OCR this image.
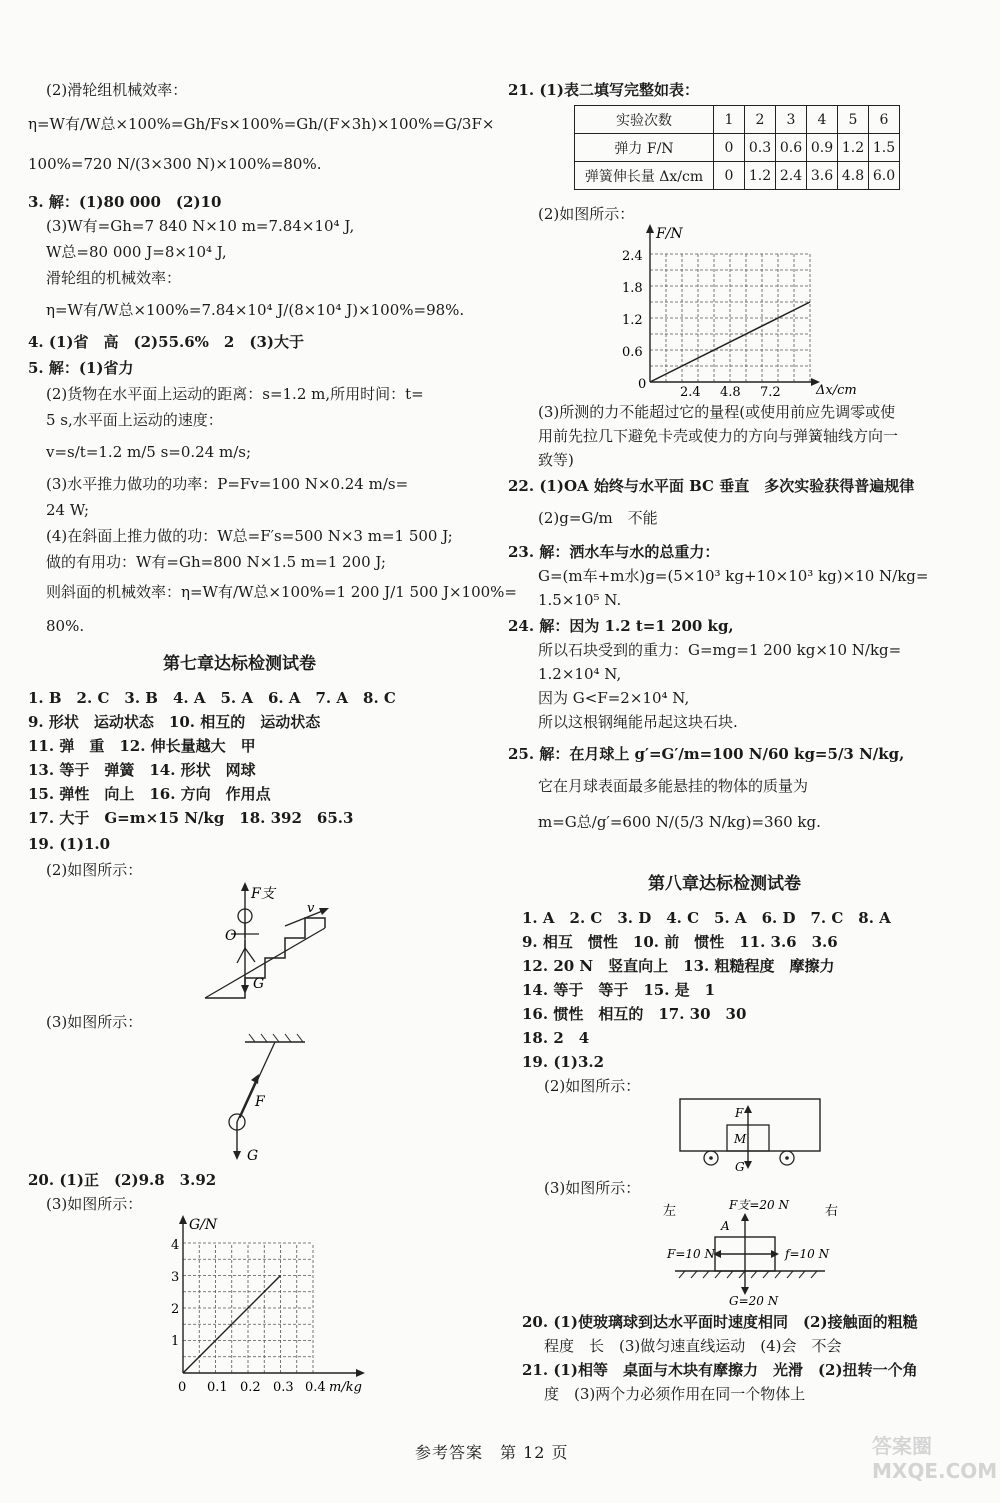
(2)滑轮组机械效率：
η=W有/W总×100%=Gh/Fs×100%=Gh/(F×3h)×100%=G/3F×
100%=720 N/(3×300 N)×100%=80%.
3. 解：(1)80 000　(2)10
(3)W有=Gh=7 840 N×10 m=7.84×10⁴ J,
W总=80 000 J=8×10⁴ J,
滑轮组的机械效率：
η=W有/W总×100%=7.84×10⁴ J/(8×10⁴ J)×100%=98%.
4. (1)省　高　(2)55.6%　2　(3)大于
5. 解：(1)省力
(2)货物在水平面上运动的距离：s=1.2 m,所用时间：t=
5 s,水平面上运动的速度：
v=s/t=1.2 m/5 s=0.24 m/s;
(3)水平推力做功的功率：P=Fv=100 N×0.24 m/s=
24 W;
(4)在斜面上推力做的功：W总=F′s=500 N×3 m=1 500 J;
做的有用功：W有=Gh=800 N×1.5 m=1 200 J;
则斜面的机械效率：η=W有/W总×100%=1 200 J/1 500 J×100%=
80%.
第七章达标检测试卷
1. B　2. C　3. B　4. A　5. A　6. A　7. A　8. C
9. 形状　运动状态　10. 相互的　运动状态
11. 弹　重　12. 伸长量越大　甲
13. 等于　弹簧　14. 形状　网球
15. 弹性　向上　16. 方向　作用点
17. 大于　G=m×15 N/kg　18. 392　65.3
19. (1)1.0
(2)如图所示：
(3)如图所示：
20. (1)正　(2)9.8　3.92
(3)如图所示：
F支
v
O
G
F
G
G/N
m/kg
4
3
2
1
0 0.1 0.2 0.3 0.4
21. (1)表二填写完整如表：
实验次数	1	2	3	4	5	6
弹力 F/N	0	0.3	0.6	0.9	1.2	1.5
弹簧伸长量 Δx/cm	0	1.2	2.4	3.6	4.8	6.0
(2)如图所示：
F/N
Δx/cm
2.4
1.8
1.2
0.6
0
2.4 4.8 7.2
(3)所测的力不能超过它的量程(或使用前应先调零或使
用前先拉几下避免卡壳或使力的方向与弹簧轴线方向一
致等)
22. (1)OA 始终与水平面 BC 垂直　多次实验获得普遍规律
(2)g=G/m　不能
23. 解：洒水车与水的总重力：
G=(m车+m水)g=(5×10³ kg+10×10³ kg)×10 N/kg=
1.5×10⁵ N.
24. 解：因为 1.2 t=1 200 kg,
所以石块受到的重力：G=mg=1 200 kg×10 N/kg=
1.2×10⁴ N,
因为 G<F=2×10⁴ N,
所以这根钢绳能吊起这块石块.
25. 解：在月球上 g′=G′/m=100 N/60 kg=5/3 N/kg,
它在月球表面最多能悬挂的物体的质量为
m=G总/g′=600 N/(5/3 N/kg)=360 kg.
第八章达标检测试卷
1. A　2. C　3. D　4. C　5. A　6. D　7. C　8. A
9. 相互　惯性　10. 前　惯性　11. 3.6　3.6
12. 20 N　竖直向上　13. 粗糙程度　摩擦力
14. 等于　等于　15. 是　1
16. 惯性　相互的　17. 30　30
18. 2　4
19. (1)3.2
(2)如图所示：
(3)如图所示：
20. (1)使玻璃球到达水平面时速度相同　(2)接触面的粗糙
程度　长　(3)做匀速直线运动　(4)会　不会
21. (1)相等　桌面与木块有摩擦力　光滑　(2)扭转一个角
度　(3)两个力必须作用在同一个物体上
F
M
G
左	右
F支=20 N
A
F=10 N	f=10 N
G=20 N
参考答案　第 12 页	答案圈 MXQE.COM
